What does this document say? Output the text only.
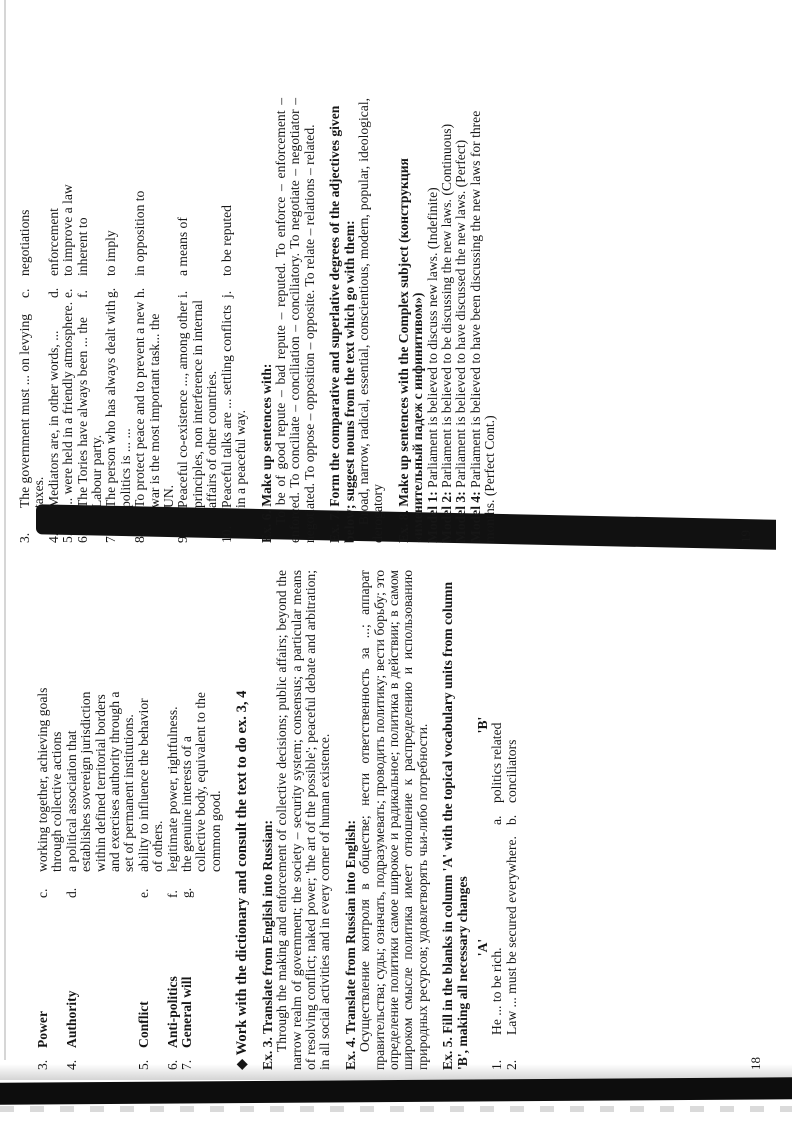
3.
The government must ... on levying taxes.
c.
negotiations
4.
Mediators are, in other words, ...
d.
enforcement
5.
... were held in a friendly atmosphere.
e.
to improve a law
6.
The Tories have always been ... the Labour party.
f.
inherent to
7.
The person who has always dealt with politics is ... ...
g.
to imply
8.
To protect peace and to prevent a new war is the most important task... the UN.
h.
in opposition to
9.
Peaceful co-existence ..., among other principles, non interference in internal affairs of other countries.
i.
a means of
10.
Peaceful talks are ... settling conflicts in a peaceful way.
j.
to be reputed
Ex. 6. Make up sentences with: To be of good repute – bad repute – reputed. To enforce – enforcement – enforced. To conciliate – conciliation – conciliatory. To negotiate – negotiator – negotiated. To oppose – opposition – opposite. To relate – relations – related. Ex. 7. Form the comparative and superlative degrees of the adjectives given below; suggest nouns from the text which go with them: Broad, narrow, radical, essential, conscientious, modern, popular, ideological, derogatory Ex. 8. Make up sentences with the Complex subject (конструкция «именительный падеж с инфинитивом») Model 1: Parliament is believed to discuss new laws. (Indefinite)
Model 2: Parliament is believed to be discussing the new laws. (Continuous)
Model 3: Parliament is believed to have discussed the new laws. (Perfect)
Model 4: Parliament is believed to have been discussing the new laws for three months. (Perfect Cont.)	19
3.
Power
c.
working together, achieving goals through collective actions
4.
Authority
d.
a political association that establishes sovereign jurisdiction within defined territorial borders and exercises authority through a set of permanent institutions.
5.
Conflict
e.
ability to influence the behavior of others.
6.
Anti-politics
f.
legitimate power, rightfulness.
7.
General will
g.
the genuine interests of a collective body, equivalent to the common good.
◆ Work with the dictionary and consult the text to do ex. 3, 4 Ex. 3. Translate from English into Russian: Through the making and enforcement of collective decisions; public affairs; beyond the narrow realm of government; the society – security system; consensus; a particular means of resolving conflict; naked power; 'the art of the possible'; peaceful debate and arbitration; in all social activities and in every corner of human existence. Ex. 4. Translate from Russian into English: Осуществление контроля в обществе; нести ответственность за ...; аппарат правительства; суды; означать, подразумевать; проводить политику; вести борьбу; это определение политики самое широкое и радикальное; политика в действии; в самом широком смысле политика имеет отношение к распределению и использованию природных ресурсов; удовлетворять чьи-либо потребности. Ex. 5. Fill in the blanks in column 'A' with the topical vocabulary units from column 'B', making all necessary changes 'A'
'B'
1.
He ... to be rich.
a.
politics related
2.
Law ... must be secured everywhere.
b.
conciliators
18
